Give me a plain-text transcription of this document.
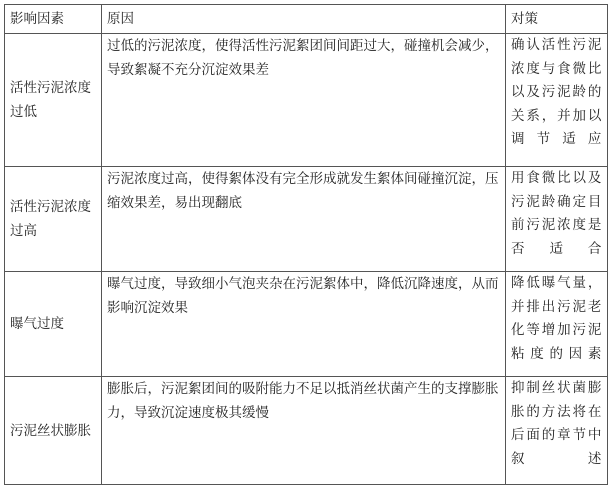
影响因素	原因	对策
活性污泥浓度过低	过低的污泥浓度，使得活性污泥絮团间间距过大，碰撞机会减少，导致絮凝不充分沉淀效果差	确认活性污泥浓度与食微比以及污泥龄的关系，并加以调节适应
活性污泥浓度过高	污泥浓度过高，使得絮体没有完全形成就发生絮体间碰撞沉淀，压缩效果差，易出现翻底	用食微比以及污泥龄确定目前污泥浓度是否适合
曝气过度	曝气过度，导致细小气泡夹杂在污泥絮体中，降低沉降速度，从而影响沉淀效果	降低曝气量，并排出污泥老化等增加污泥粘度的因素
污泥丝状膨胀	膨胀后，污泥絮团间的吸附能力不足以抵消丝状菌产生的支撑膨胀力，导致沉淀速度极其缓慢	抑制丝状菌膨胀的方法将在后面的章节中叙述
